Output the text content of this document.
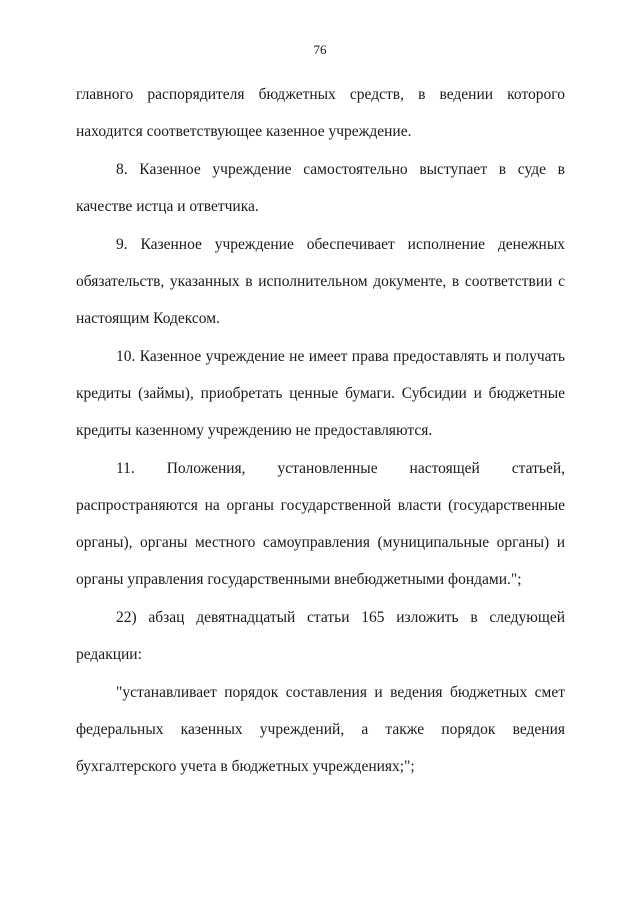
76

главного распорядителя бюджетных средств, в ведении которого находится соответствующее казенное учреждение.

8. Казенное учреждение самостоятельно выступает в суде в качестве истца и ответчика.

9. Казенное учреждение обеспечивает исполнение денежных обязательств, указанных в исполнительном документе, в соответствии с настоящим Кодексом.

10. Казенное учреждение не имеет права предоставлять и получать кредиты (займы), приобретать ценные бумаги. Субсидии и бюджетные кредиты казенному учреждению не предоставляются.

11. Положения, установленные настоящей статьей, распространяются на органы государственной власти (государственные органы), органы местного самоуправления (муниципальные органы) и органы управления государственными внебюджетными фондами.";

22) абзац девятнадцатый статьи 165 изложить в следующей редакции:

"устанавливает порядок составления и ведения бюджетных смет федеральных казенных учреждений, а также порядок ведения бухгалтерского учета в бюджетных учреждениях;";
